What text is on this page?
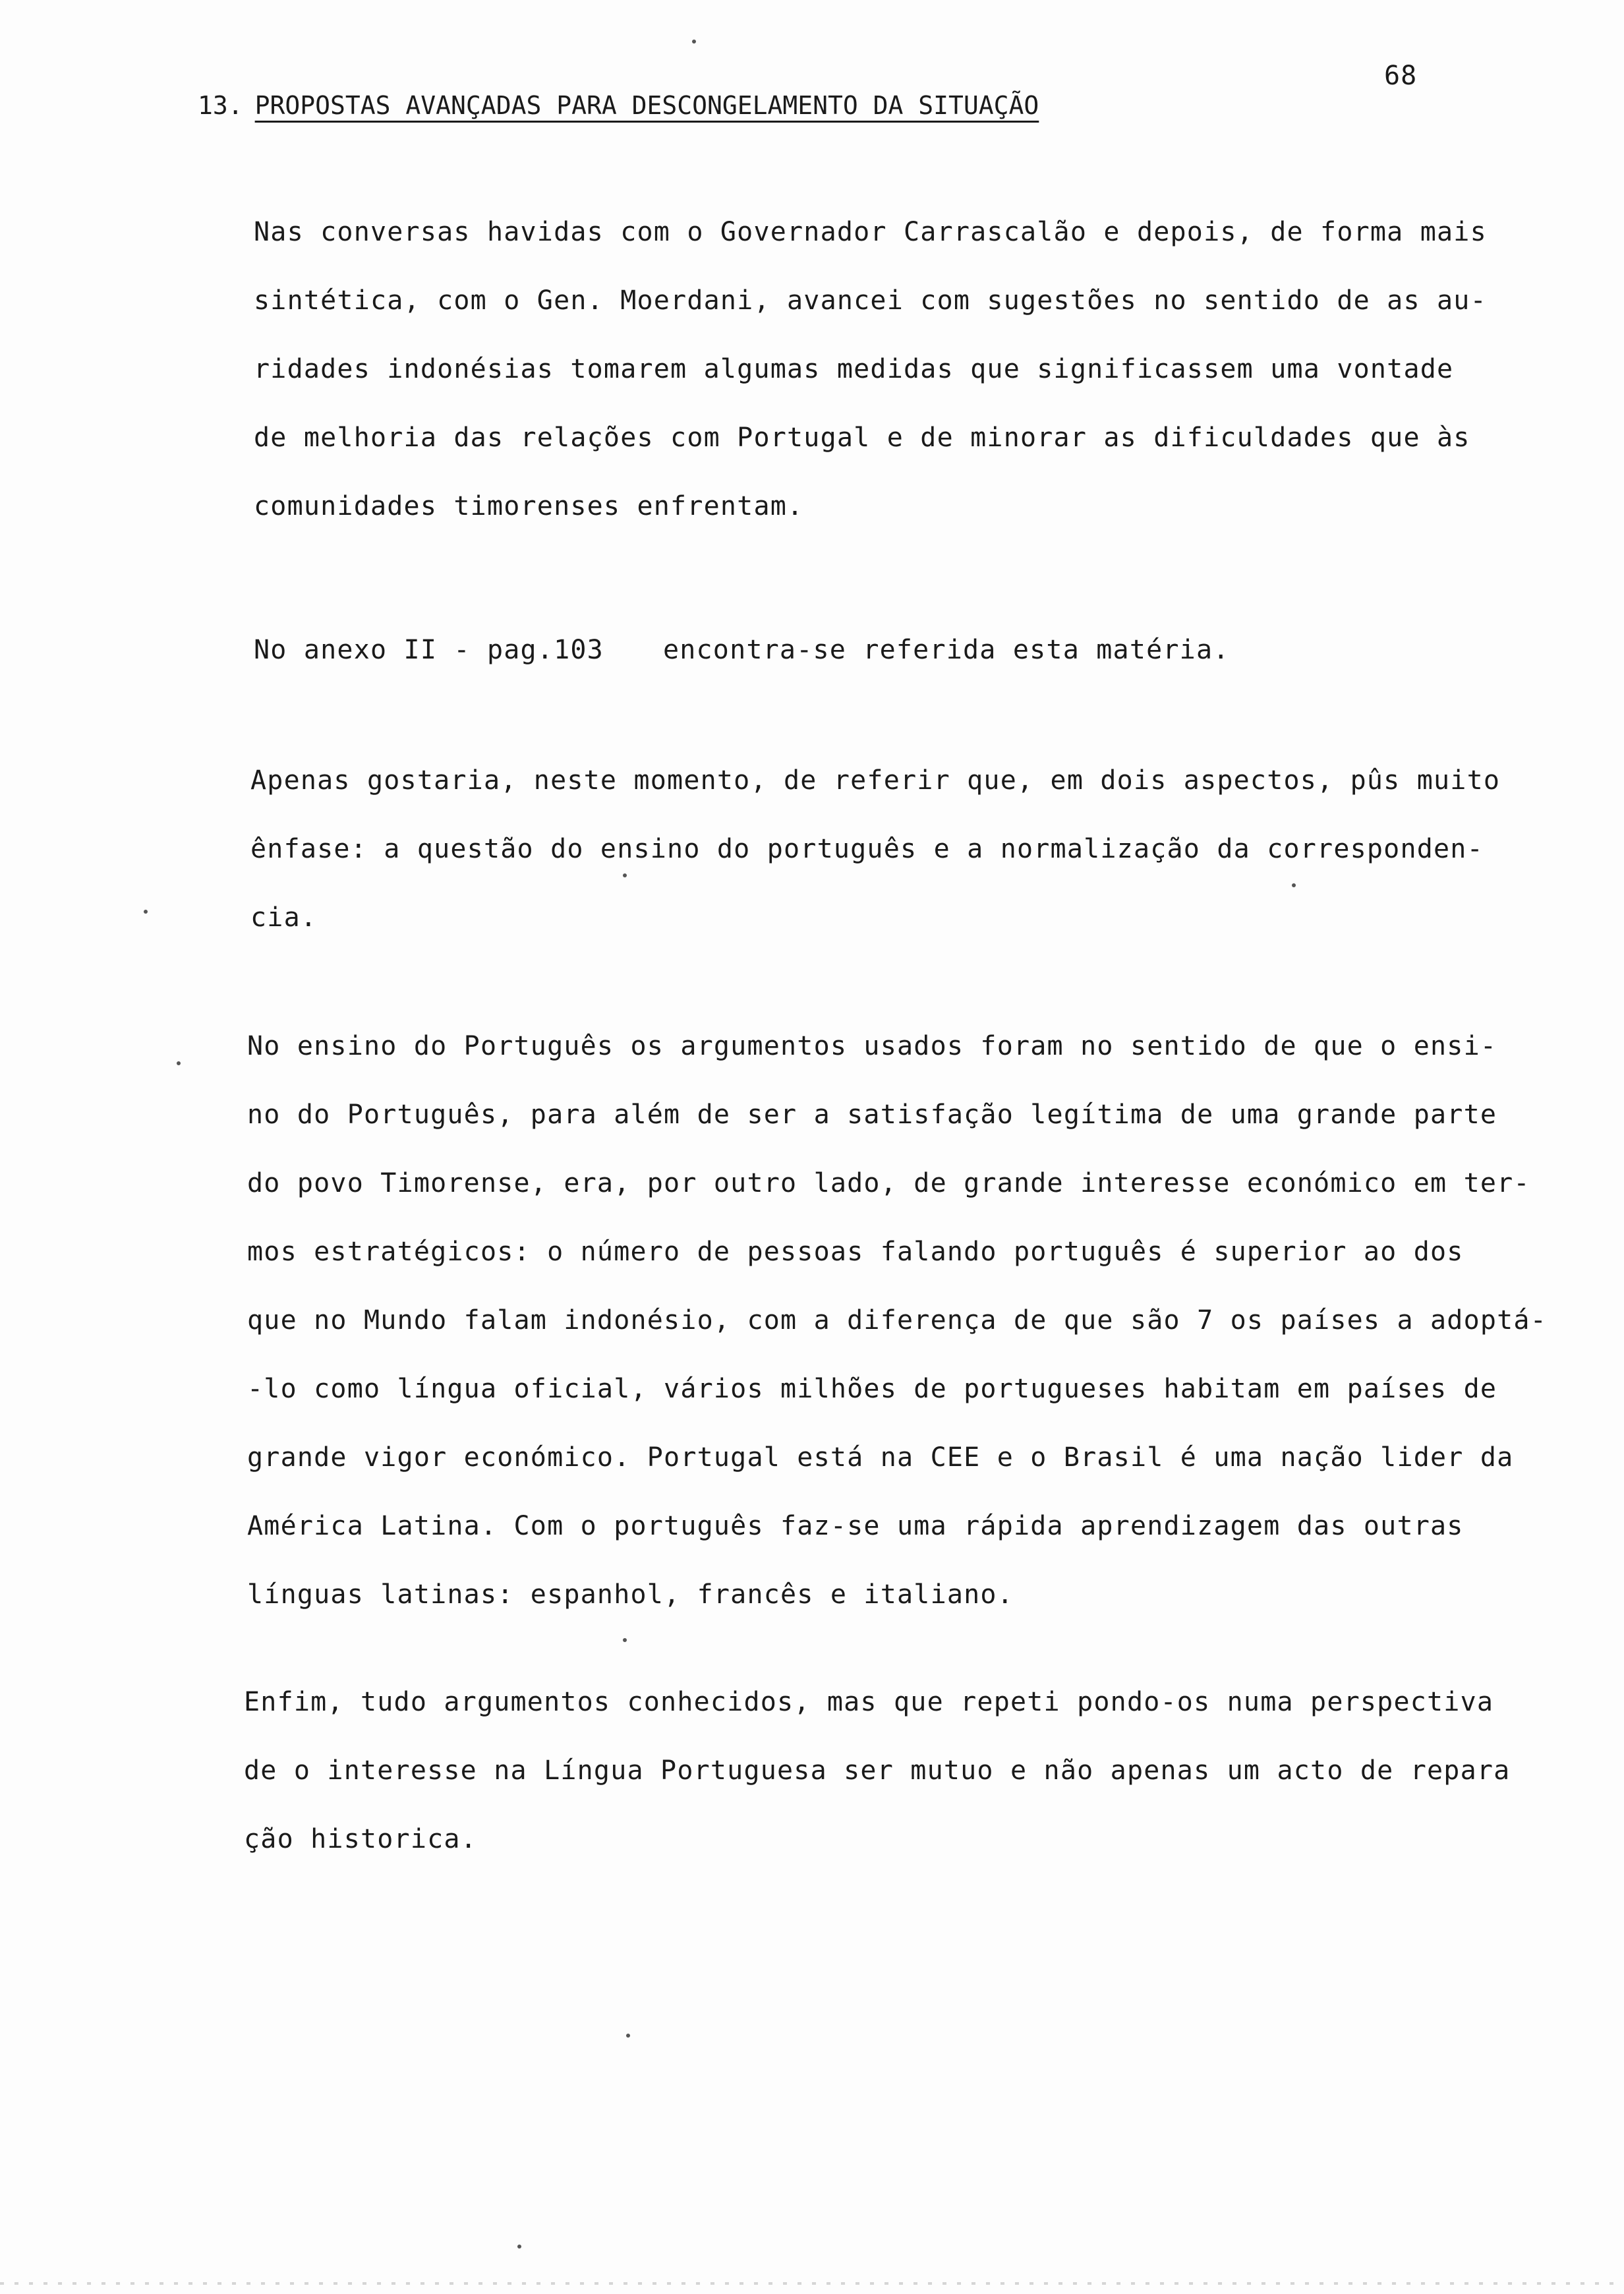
68
13. PROPOSTAS AVANÇADAS PARA DESCONGELAMENTO DA SITUAÇÃO

Nas conversas havidas com o Governador Carrascalão e depois, de forma mais
sintética, com o Gen. Moerdani, avancei com sugestões no sentido de as au-
ridades indonésias tomarem algumas medidas que significassem uma vontade
de melhoria das relações com Portugal e de minorar as dificuldades que às
comunidades timorenses enfrentam.

No anexo II - pag.103 encontra-se referida esta matéria.

Apenas gostaria, neste momento, de referir que, em dois aspectos, pûs muito
ênfase: a questão do ensino do português e a normalização da corresponden-
cia.

No ensino do Português os argumentos usados foram no sentido de que o ensi-
no do Português, para além de ser a satisfação legítima de uma grande parte
do povo Timorense, era, por outro lado, de grande interesse económico em ter-
mos estratégicos: o número de pessoas falando português é superior ao dos
que no Mundo falam indonésio, com a diferença de que são 7 os países a adoptá-
-lo como língua oficial, vários milhões de portugueses habitam em países de
grande vigor económico. Portugal está na CEE e o Brasil é uma nação lider da
América Latina. Com o português faz-se uma rápida aprendizagem das outras
línguas latinas: espanhol, francês e italiano.

Enfim, tudo argumentos conhecidos, mas que repeti pondo-os numa perspectiva
de o interesse na Língua Portuguesa ser mutuo e não apenas um acto de repara
ção historica.
